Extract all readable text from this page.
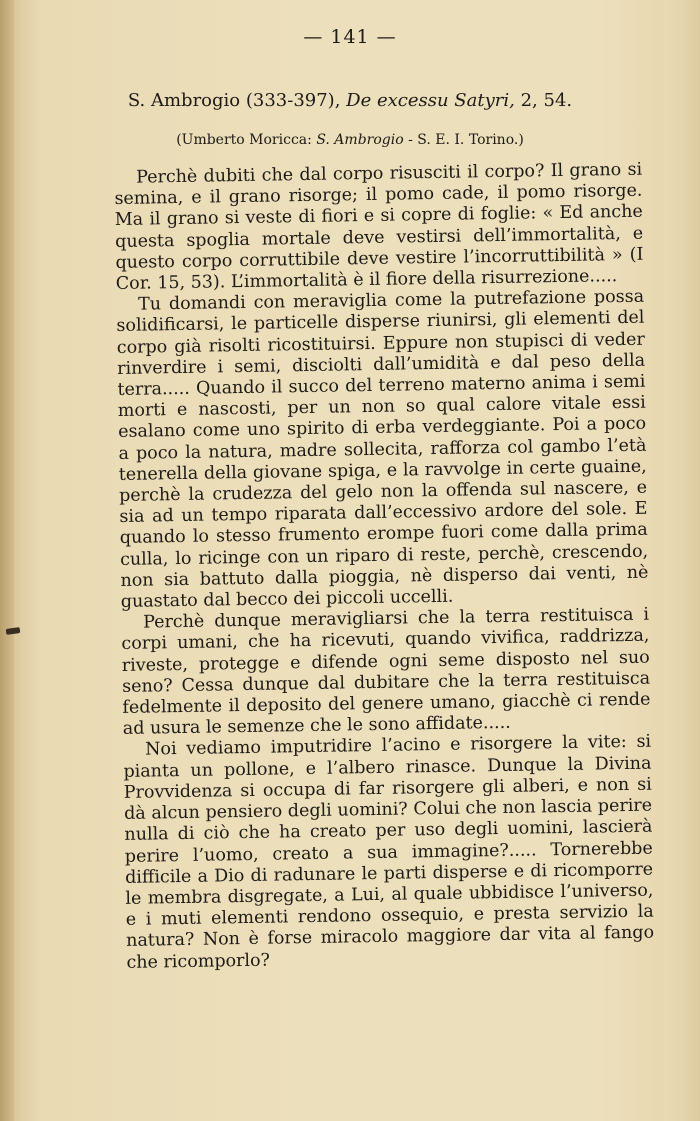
— 141 —
S. Ambrogio (333-397), De excessu Satyri, 2, 54.
(Umberto Moricca: S. Ambrogio - S. E. I. Torino.)

Perchè dubiti che dal corpo risusciti il corpo? Il grano si semina, e il grano risorge; il pomo cade, il pomo risorge. Ma il grano si veste di fiori e si copre di foglie: « Ed anche questa spoglia mortale deve vestirsi dell’immortalità, e questo corpo corruttibile deve vestire l’incorruttibilità » (I Cor. 15, 53). L’immortalità è il fiore della risurrezione.....

Tu domandi con meraviglia come la putrefazione possa solidificarsi, le particelle disperse riunirsi, gli elementi del corpo già risolti ricostituirsi. Eppure non stupisci di veder rinverdire i semi, disciolti dall’umidità e dal peso della terra..... Quando il succo del terreno materno anima i semi morti e nascosti, per un non so qual calore vitale essi esalano come uno spirito di erba verdeggiante. Poi a poco a poco la natura, madre sollecita, rafforza col gambo l’età tenerella della giovane spiga, e la ravvolge in certe guaine, perchè la crudezza del gelo non la offenda sul nascere, e sia ad un tempo riparata dall’eccessivo ardore del sole. E quando lo stesso frumento erompe fuori come dalla prima culla, lo ricinge con un riparo di reste, perchè, crescendo, non sia battuto dalla pioggia, nè disperso dai venti, nè guastato dal becco dei piccoli uccelli.

Perchè dunque meravigliarsi che la terra restituisca i corpi umani, che ha ricevuti, quando vivifica, raddrizza, riveste, protegge e difende ogni seme disposto nel suo seno? Cessa dunque dal dubitare che la terra restituisca fedelmente il deposito del genere umano, giacchè ci rende ad usura le semenze che le sono affidate.....

Noi vediamo imputridire l’acino e risorgere la vite: si pianta un pollone, e l’albero rinasce. Dunque la Divina Provvidenza si occupa di far risorgere gli alberi, e non si dà alcun pensiero degli uomini? Colui che non lascia perire nulla di ciò che ha creato per uso degli uomini, lascierà perire l’uomo, creato a sua immagine?..... Tornerebbe difficile a Dio di radunare le parti disperse e di ricomporre le membra disgregate, a Lui, al quale ubbidisce l’universo, e i muti elementi rendono ossequio, e presta servizio la natura? Non è forse miracolo maggiore dar vita al fango che ricomporlo?
